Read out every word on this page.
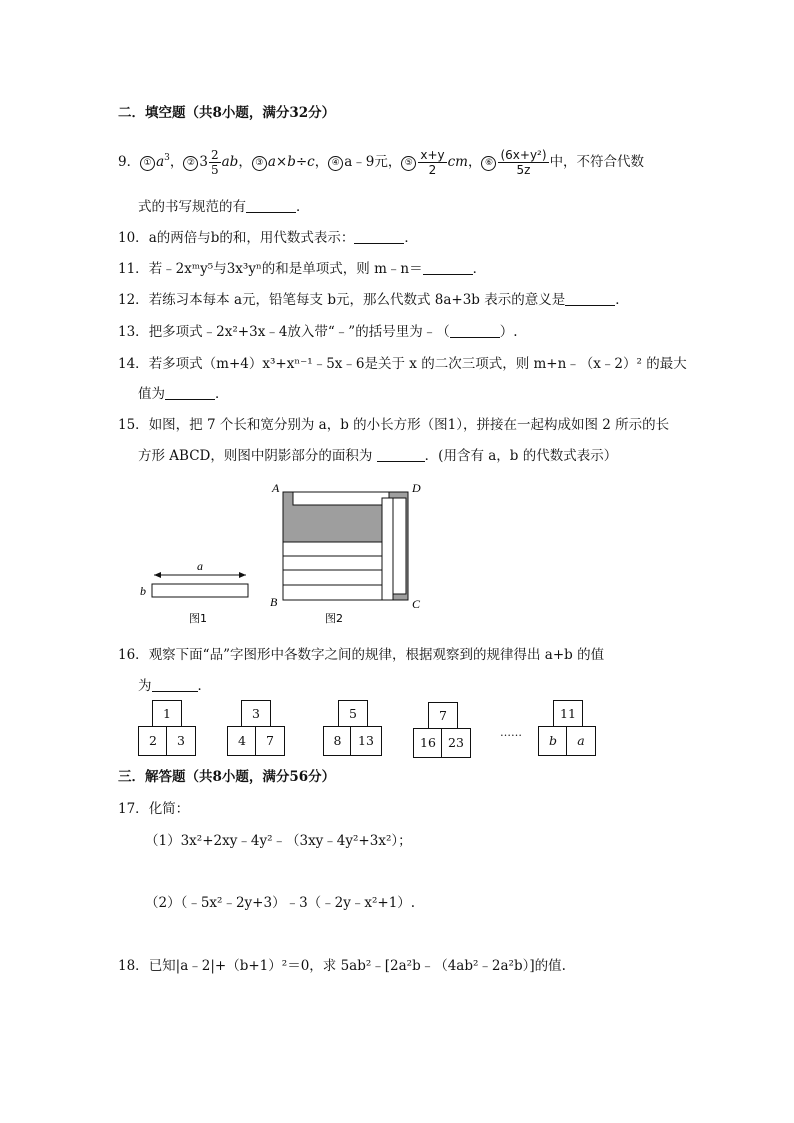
二．填空题（共8小题，满分32分）
9． ① $a^3$， ② $3 \frac{2}{5}$ ab， ③ a×b÷c， ④ a﹣9元， ⑤ $\frac{x+y}{2}$ cm， ⑥ $\frac{\text{(6x+y²)}}{5z}$ 中，不符合代数
式的书写规范的有	．
10．a的两倍与b的和，用代数式表示：	．
11．若﹣2xᵐy⁵与3x³yⁿ的和是单项式，则 m﹣n＝	．
12．若练习本每本 a元，铅笔每支 b元，那么代数式 8a+3b 表示的意义是	．
13．把多项式﹣2x²+3x﹣4放入带“﹣”的括号里为﹣（	）.
14．若多项式（m+4）x³+xⁿ⁻¹﹣5x﹣6是关于 x 的二次三项式，则 m+n﹣（x﹣2）² 的最大
值为	．
15．如图，把 7 个长和宽分别为 a，b 的小长方形（图1），拼接在一起构成如图 2 所示的长
方形 ABCD，则图中阴影部分的面积为	．(用含有 a，b 的代数式表示）
a
b
图1
A	D
B	C
图2
16．观察下面“品”字图形中各数字之间的规律，根据观察到的规律得出 a+b 的值
为	．
1
2	3
3
4	7
5
8	13
7
16 23
……
11
b	a
三．解答题（共8小题，满分56分）
17．化简：
（1）3x²+2xy﹣4y²﹣（3xy﹣4y²+3x²）；
（2）（﹣5x²﹣2y+3）﹣3（﹣2y﹣x²+1）.
18．已知|a﹣2|+（b+1）²＝0，求 5ab²﹣[2a²b﹣（4ab²﹣2a²b）]的值.
